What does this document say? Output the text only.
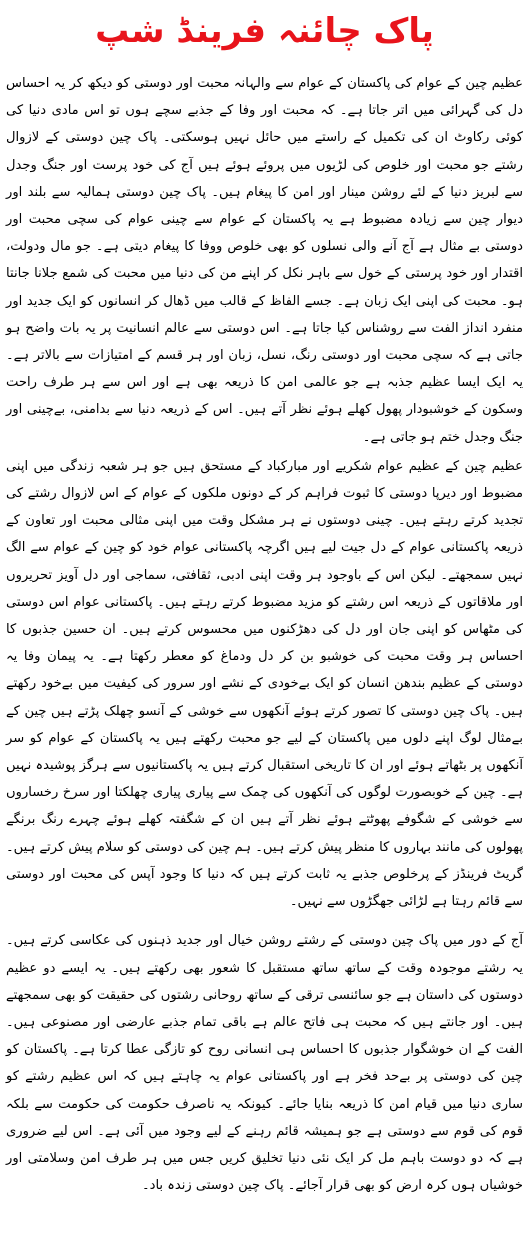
پاک چائنہ فرینڈ شپ

عظیم چین کے عوام کی پاکستان کے عوام سے والہانہ محبت اور دوستی کو دیکھ کر یہ احساس دل کی گہرائی میں اتر جاتا ہے۔ کہ محبت اور وفا کے جذبے سچے ہوں تو اس مادی دنیا کی کوئی رکاوٹ ان کی تکمیل کے راستے میں حائل نہیں ہوسکتی۔ پاک چین دوستی کے لازوال رشتے جو محبت اور خلوص کی لڑیوں میں پروئے ہوئے ہیں آج کی خود پرست اور جنگ وجدل سے لبریز دنیا کے لئے روشن مینار اور امن کا پیغام ہیں۔ پاک چین دوستی ہمالیہ سے بلند اور دیوار چین سے زیادہ مضبوط ہے یہ پاکستان کے عوام سے چینی عوام کی سچی محبت اور دوستی بے مثال ہے آج آنے والی نسلوں کو بھی خلوص ووفا کا پیغام دیتی ہے۔ جو مال ودولت، اقتدار اور خود پرستی کے خول سے باہر نکل کر اپنے من کی دنیا میں محبت کی شمع جلانا جانتا ہو۔ محبت کی اپنی ایک زبان ہے۔ جسے الفاظ کے قالب میں ڈھال کر انسانوں کو ایک جدید اور منفرد انداز الفت سے روشناس کیا جاتا ہے۔ اس دوستی سے عالم انسانیت پر یہ بات واضح ہو جاتی ہے کہ سچی محبت اور دوستی رنگ، نسل، زبان اور ہر قسم کے امتیازات سے بالاتر ہے۔ یہ ایک ایسا عظیم جذبہ ہے جو عالمی امن کا ذریعہ بھی ہے اور اس سے ہر طرف راحت وسکون کے خوشبودار پھول کھلے ہوئے نظر آتے ہیں۔ اس کے ذریعہ دنیا سے بدامنی، بےچینی اور جنگ وجدل ختم ہو جاتی ہے۔

عظیم چین کے عظیم عوام شکریے اور مبارکباد کے مستحق ہیں جو ہر شعبہ زندگی میں اپنی مضبوط اور دیرپا دوستی کا ثبوت فراہم کر کے دونوں ملکوں کے عوام کے اس لازوال رشتے کی تجدید کرتے رہتے ہیں۔ چینی دوستوں نے ہر مشکل وقت میں اپنی مثالی محبت اور تعاون کے ذریعہ پاکستانی عوام کے دل جیت لیے ہیں اگرچہ پاکستانی عوام خود کو چین کے عوام سے الگ نہیں سمجھتے۔ لیکن اس کے باوجود ہر وقت اپنی ادبی، ثقافتی، سماجی اور دل آویز تحریروں اور ملاقاتوں کے ذریعہ اس رشتے کو مزید مضبوط کرتے رہتے ہیں۔ پاکستانی عوام اس دوستی کی مٹھاس کو اپنی جان اور دل کی دھڑکنوں میں محسوس کرتے ہیں۔ ان حسین جذبوں کا احساس ہر وقت محبت کی خوشبو بن کر دل ودماغ کو معطر رکھتا ہے۔ یہ پیمان وفا یہ دوستی کے عظیم بندھن انسان کو ایک بےخودی کے نشے اور سرور کی کیفیت میں بےخود رکھتے ہیں۔ پاک چین دوستی کا تصور کرتے ہوئے آنکھوں سے خوشی کے آنسو چھلک پڑتے ہیں چین کے بےمثال لوگ اپنے دلوں میں پاکستان کے لیے جو محبت رکھتے ہیں یہ پاکستان کے عوام کو سر آنکھوں پر بٹھاتے ہوئے اور ان کا تاریخی استقبال کرتے ہیں یہ پاکستانیوں سے ہرگز پوشیدہ نہیں ہے۔ چین کے خوبصورت لوگوں کی آنکھوں کی چمک سے پیاری پیاری چھلکتا اور سرخ رخساروں سے خوشی کے شگوفے پھوٹتے ہوئے نظر آتے ہیں ان کے شگفتہ کھلے ہوئے چہرے رنگ برنگے پھولوں کی مانند بہاروں کا منظر پیش کرتے ہیں۔ ہم چین کی دوستی کو سلام پیش کرتے ہیں۔ گریٹ فرینڈز کے پرخلوص جذبے یہ ثابت کرتے ہیں کہ دنیا کا وجود آپس کی محبت اور دوستی سے قائم رہتا ہے لڑائی جھگڑوں سے نہیں۔

آج کے دور میں پاک چین دوستی کے رشتے روشن خیال اور جدید ذہنوں کی عکاسی کرتے ہیں۔ یہ رشتے موجودہ وقت کے ساتھ ساتھ مستقبل کا شعور بھی رکھتے ہیں۔ یہ ایسے دو عظیم دوستوں کی داستان ہے جو سائنسی ترقی کے ساتھ روحانی رشتوں کی حقیقت کو بھی سمجھتے ہیں۔ اور جانتے ہیں کہ محبت ہی فاتح عالم ہے باقی تمام جذبے عارضی اور مصنوعی ہیں۔ الفت کے ان خوشگوار جذبوں کا احساس ہی انسانی روح کو تازگی عطا کرتا ہے۔ پاکستان کو چین کی دوستی پر بےحد فخر ہے اور پاکستانی عوام یہ چاہتے ہیں کہ اس عظیم رشتے کو ساری دنیا میں قیام امن کا ذریعہ بنایا جائے۔ کیونکہ یہ ناصرف حکومت کی حکومت سے بلکہ قوم کی قوم سے دوستی ہے جو ہمیشہ قائم رہنے کے لیے وجود میں آئی ہے۔ اس لیے ضروری ہے کہ دو دوست باہم مل کر ایک نئی دنیا تخلیق کریں جس میں ہر طرف امن وسلامتی اور خوشیاں ہوں کرہ ارض کو بھی قرار آجائے۔ پاک چین دوستی زندہ باد۔
